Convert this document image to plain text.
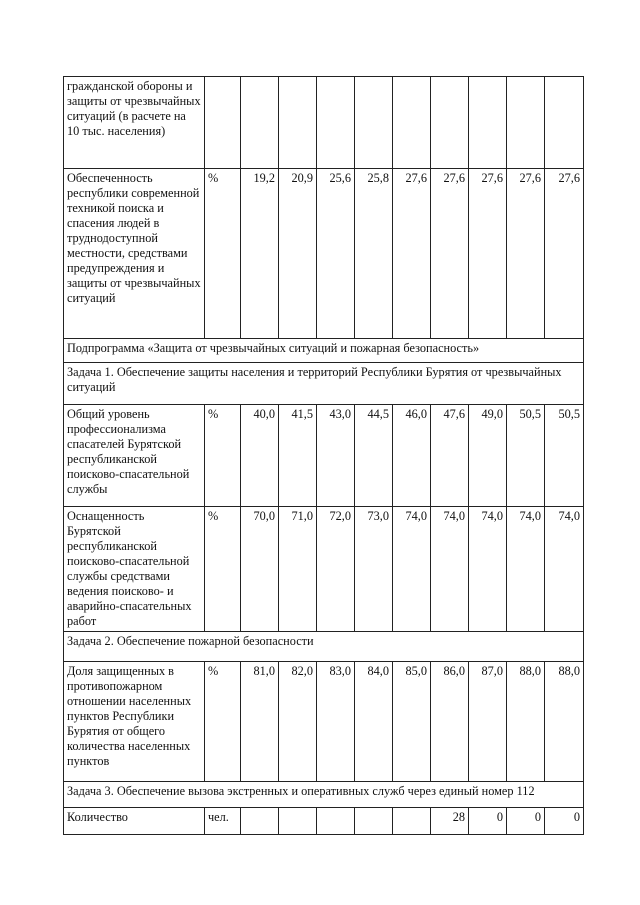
гражданской обороны и защиты от чрезвычайных ситуаций (в расчете на 10 тыс. населения)										
Обеспеченность республики современной техникой поиска и спасения людей в труднодоступной местности, средствами предупреждения и защиты от чрезвычайных ситуаций	%	19,2	20,9	25,6	25,8	27,6	27,6	27,6	27,6	27,6
Подпрограмма «Защита от чрезвычайных ситуаций и пожарная безопасность»										
Задача 1. Обеспечение защиты населения и территорий Республики Бурятия от чрезвычайных ситуаций										
Общий уровень профессионализма спасателей Бурятской республиканской поисково-спасательной службы	%	40,0	41,5	43,0	44,5	46,0	47,6	49,0	50,5	50,5
Оснащенность Бурятской республиканской поисково-спасательной службы средствами ведения поисково- и аварийно-спасательных работ	%	70,0	71,0	72,0	73,0	74,0	74,0	74,0	74,0	74,0
Задача 2. Обеспечение пожарной безопасности										
Доля защищенных в противопожарном отношении населенных пунктов Республики Бурятия от общего количества населенных пунктов	%	81,0	82,0	83,0	84,0	85,0	86,0	87,0	88,0	88,0
Задача 3. Обеспечение вызова экстренных и оперативных служб через единый номер 112										
Количество	чел.						28	0	0	0
